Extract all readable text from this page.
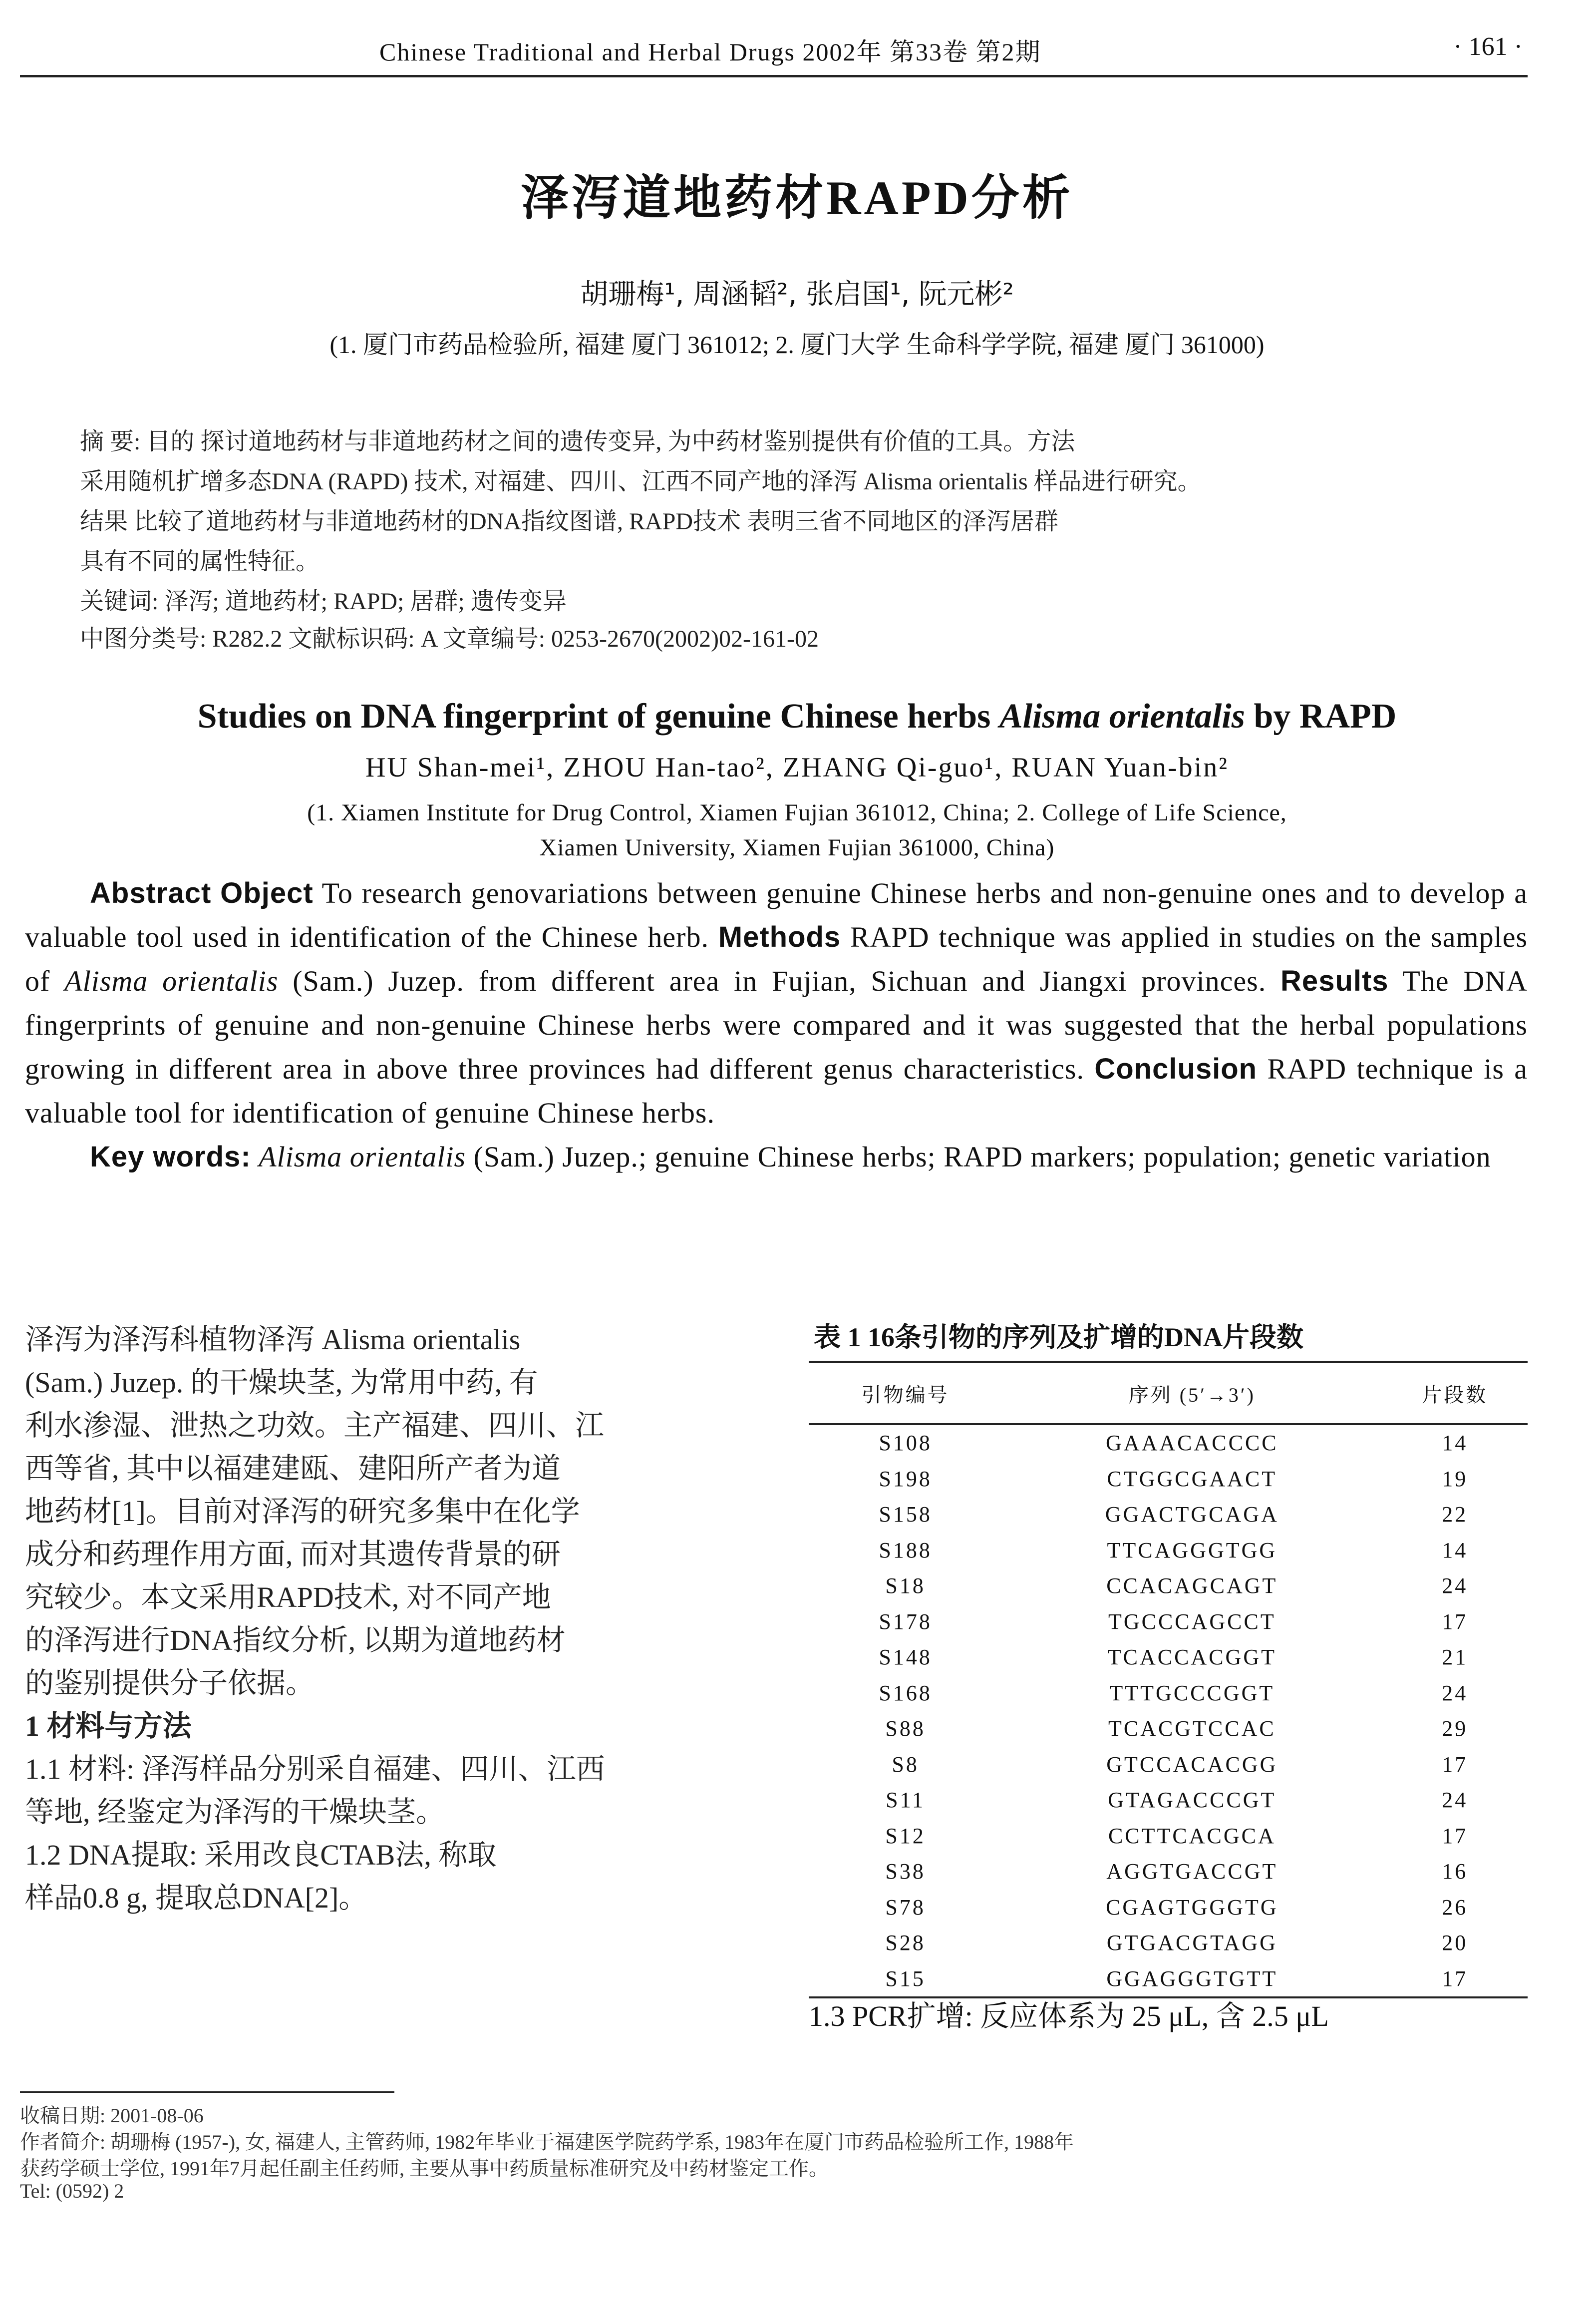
Chinese Traditional and Herbal Drugs 2002年 第33卷 第2期	· 161 ·
泽泻道地药材RAPD分析
胡珊梅¹, 周涵韬², 张启国¹, 阮元彬²
(1. 厦门市药品检验所, 福建 厦门 361012; 2. 厦门大学 生命科学学院, 福建 厦门 361000)
摘 要: 目的 探讨道地药材与非道地药材之间的遗传变异, 为中药材鉴别提供有价值的工具。方法
采用随机扩增多态DNA (RAPD) 技术, 对福建、四川、江西不同产地的泽泻 Alisma orientalis 样品进行研究。
结果 比较了道地药材与非道地药材的DNA指纹图谱, RAPD技术 表明三省不同地区的泽泻居群
具有不同的属性特征。
关键词: 泽泻; 道地药材; RAPD; 居群; 遗传变异
中图分类号: R282.2 文献标识码: A 文章编号: 0253-2670(2002)02-161-02
Studies on DNA fingerprint of genuine Chinese herbs Alisma orientalis by RAPD
HU Shan-mei¹, ZHOU Han-tao², ZHANG Qi-guo¹, RUAN Yuan-bin²
(1. Xiamen Institute for Drug Control, Xiamen Fujian 361012, China; 2. College of Life Science,
Xiamen University, Xiamen Fujian 361000, China)
Abstract Object To research genovariations between genuine Chinese herbs and non-genuine ones and to develop a valuable tool used in identification of the Chinese herb. Methods RAPD technique was applied in studies on the samples of Alisma orientalis (Sam.) Juzep. from different area in Fujian, Sichuan and Jiangxi provinces. Results The DNA fingerprints of genuine and non-genuine Chinese herbs were compared and it was suggested that the herbal populations growing in different area in above three provinces had different genus characteristics. Conclusion RAPD technique is a valuable tool for identification of genuine Chinese herbs.
Key words: Alisma orientalis (Sam.) Juzep.; genuine Chinese herbs; RAPD markers; population; genetic variation
泽泻为泽泻科植物泽泻 Alisma orientalis
(Sam.) Juzep. 的干燥块茎, 为常用中药, 有
利水渗湿、泄热之功效。主产福建、四川、江
西等省, 其中以福建建瓯、建阳所产者为道
地药材[1]。目前对泽泻的研究多集中在化学
成分和药理作用方面, 而对其遗传背景的研
究较少。本文采用RAPD技术, 对不同产地
的泽泻进行DNA指纹分析, 以期为道地药材
的鉴别提供分子依据。
1 材料与方法
1.1 材料: 泽泻样品分别采自福建、四川、江西
等地, 经鉴定为泽泻的干燥块茎。
1.2 DNA提取: 采用改良CTAB法, 称取
样品0.8 g, 提取总DNA[2]。
表 1 16条引物的序列及扩增的DNA片段数
引物编号	序列 (5′→3′)	片段数
S108	GAAACACCCC	14
S198	CTGGCGAACT	19
S158	GGACTGCAGA	22
S188	TTCAGGGTGG	14
S18	CCACAGCAGT	24
S178	TGCCCAGCCT	17
S148	TCACCACGGT	21
S168	TTTGCCCGGT	24
S88	TCACGTCCAC	29
S8	GTCCACACGG	17
S11	GTAGACCCGT	24
S12	CCTTCACGCA	17
S38	AGGTGACCGT	16
S78	CGAGTGGGTG	26
S28	GTGACGTAGG	20
S15	GGAGGGTGTT	17
1.3 PCR扩增: 反应体系为 25 μL, 含 2.5 μL
收稿日期: 2001-08-06
作者简介: 胡珊梅 (1957-), 女, 福建人, 主管药师, 1982年毕业于福建医学院药学系, 1983年在厦门市药品检验所工作, 1988年
获药学硕士学位, 1991年7月起任副主任药师, 主要从事中药质量标准研究及中药材鉴定工作。
Tel: (0592) 2
